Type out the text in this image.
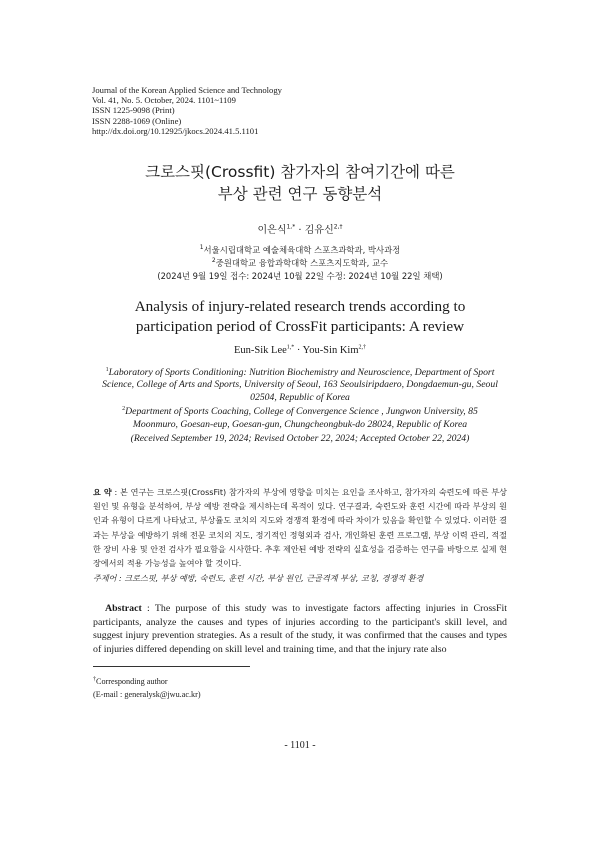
Journal of the Korean Applied Science and Technology
Vol. 41, No. 5. October, 2024. 1101~1109
ISSN 1225-9098 (Print)
ISSN 2288-1069 (Online)
http://dx.doi.org/10.12925/jkocs.2024.41.5.1101
크로스핏(Crossfit) 참가자의 참여기간에 따른
부상 관련 연구 동향분석
이은식$^{1,*}$ · 김유신$^{2,\dagger}$
$^1$서울시립대학교 예술체육대학 스포츠과학과, 박사과정
$^2$중원대학교 융합과학대학 스포츠지도학과, 교수
(2024년 9월 19일 접수: 2024년 10월 22일 수정: 2024년 10월 22일 채택)
Analysis of injury-related research trends according to
participation period of CrossFit participants: A review
Eun-Sik Lee$^{1,*}$ · You-Sin Kim$^{2,\dagger}$

$^1$Laboratory of Sports Conditioning: Nutrition Biochemistry and Neuroscience, Department of Sport Science, College of Arts and Sports, University of Seoul, 163 Seoulsiripdaero, Dongdaemun-gu, Seoul 02504, Republic of Korea

$^2$Department of Sports Coaching, College of Convergence Science , Jungwon University, 85 Moonmuro, Goesan-eup, Goesan-gun, Chungcheongbuk-do 28024, Republic of Korea

(Received September 19, 2024; Revised October 22, 2024; Accepted October 22, 2024)

요 약 : 본 연구는 크로스핏(CrossFit) 참가자의 부상에 영향을 미치는 요인을 조사하고, 참가자의 숙련도에 따른 부상 원인 및 유형을 분석하여, 부상 예방 전략을 제시하는데 목적이 있다. 연구결과, 숙련도와 훈련 시간에 따라 부상의 원인과 유형이 다르게 나타났고, 부상률도 코치의 지도와 경쟁적 환경에 따라 차이가 있음을 확인할 수 있었다. 이러한 결과는 부상을 예방하기 위해 전문 코치의 지도, 정기적인 정형외과 검사, 개인화된 훈련 프로그램, 부상 이력 관리, 적절한 장비 사용 및 안전 검사가 필요함을 시사한다. 추후 제안된 예방 전략의 실효성을 검증하는 연구를 바탕으로 실제 현장에서의 적용 가능성을 높여야 할 것이다.
주제어 : 크로스핏, 부상 예방, 숙련도, 훈련 시간, 부상 원인, 근골격계 부상, 코칭, 경쟁적 환경
Abstract : The purpose of this study was to investigate factors affecting injuries in CrossFit participants, analyze the causes and types of injuries according to the participant's skill level, and suggest injury prevention strategies. As a result of the study, it was confirmed that the causes and types of injuries differed depending on skill level and training time, and that the injury rate also
†Corresponding author
(E-mail : generalysk@jwu.ac.kr)
- 1101 -
